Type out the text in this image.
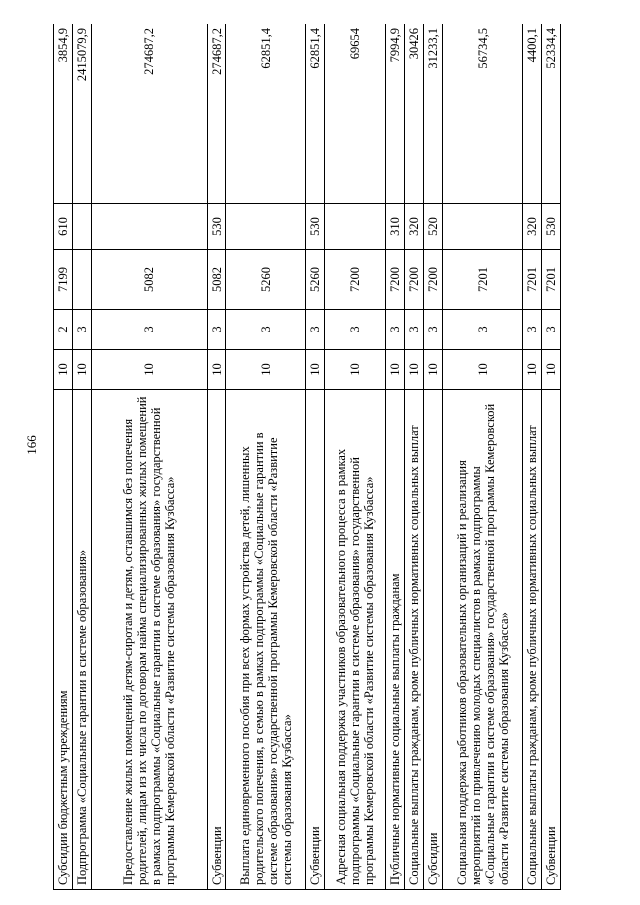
166
Субсидии бюджетным учреждениям	10	2	7199	610	3854,9
Подпрограмма «Социальные гарантии в системе образования»	10	3			2415079,9
Предоставление жилых помещений детям-сиротам и детям, оставшимся без попечения родителей, лицам из их числа по договорам найма специализированных жилых помещений в рамках подпрограммы «Социальные гарантии в системе образования» государственной программы Кемеровской области «Развитие системы образования Кузбасса»	10	3	5082		274687,2
Субвенции	10	3	5082	530	274687,2
Выплата единовременного пособия при всех формах устройства детей, лишенных родительского попечения, в семью в рамках подпрограммы «Социальные гарантии в системе образования» государственной программы Кемеровской области «Развитие системы образования Кузбасса»	10	3	5260		62851,4
Субвенции	10	3	5260	530	62851,4
Адресная социальная поддержка участников образовательного процесса в рамках подпрограммы «Социальные гарантии в системе образования» государственной программы Кемеровской области «Развитие системы образования Кузбасса»	10	3	7200		69654
Публичные нормативные социальные выплаты гражданам	10	3	7200	310	7994,9
Социальные выплаты гражданам, кроме публичных нормативных социальных выплат	10	3	7200	320	30426
Субсидии	10	3	7200	520	31233,1
Социальная поддержка работников образовательных организаций и реализация мероприятий по привлечению молодых специалистов в рамках подпрограммы «Социальные гарантии в системе образования» государственной программы Кемеровской области «Развитие системы образования Кузбасса»	10	3	7201		56734,5
Социальные выплаты гражданам, кроме публичных нормативных социальных выплат	10	3	7201	320	4400,1
Субвенции	10	3	7201	530	52334,4
